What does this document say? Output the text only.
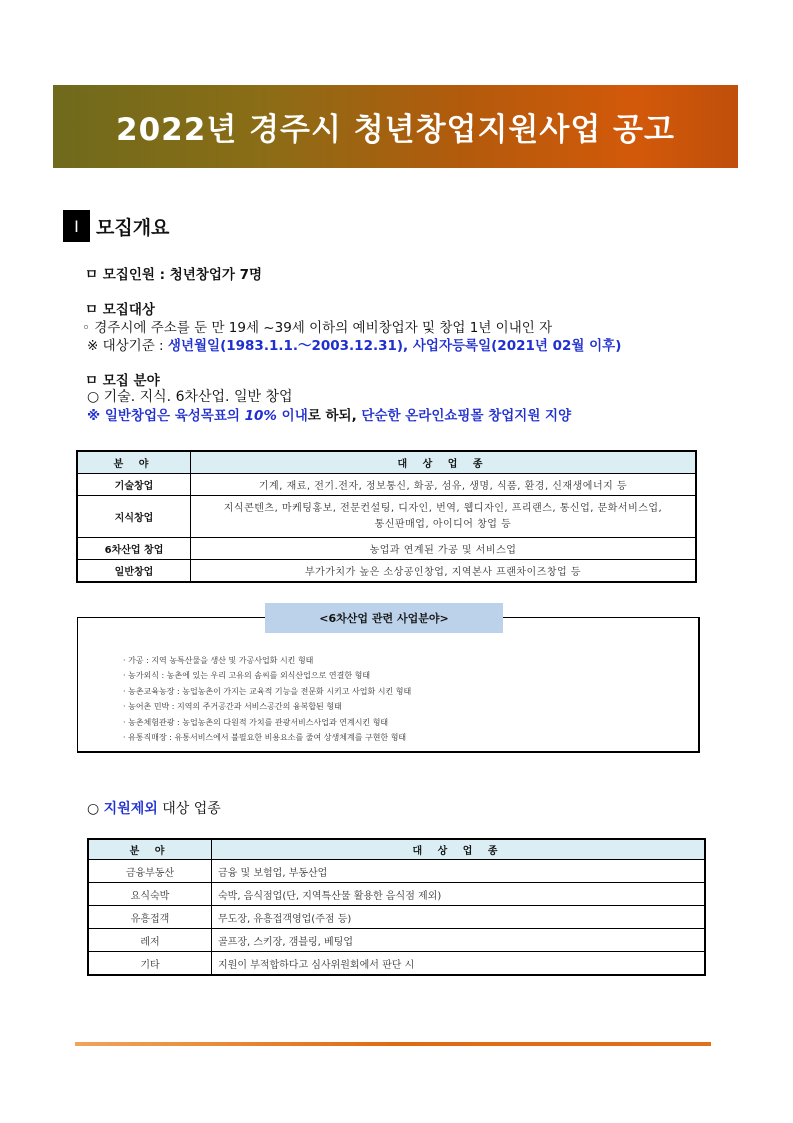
2022년 경주시 청년창업지원사업 공고
Ⅰ 모집개요
ㅁ 모집인원 : 청년창업가 7명
ㅁ 모집대상
◦ 경주시에 주소를 둔 만 19세 ~39세 이하의 예비창업자 및 창업 1년 이내인 자
※ 대상기준 : 생년월일(1983.1.1.～2003.12.31), 사업자등록일(2021년 02월 이후)
ㅁ 모집 분야
○ 기술. 지식. 6차산업. 일반 창업
※ 일반창업은 육성목표의 10% 이내로 하되, 단순한 온라인쇼핑몰 창업지원 지양
분 야	대 상 업 종
기술창업	기계, 재료, 전기.전자, 정보통신, 화공, 섬유, 생명, 식품, 환경, 신재생에너지 등
지식창업	지식콘텐츠, 마케팅홍보, 전문컨설팅, 디자인, 번역, 웹디자인, 프리랜스, 통신업, 문화서비스업,
통신판매업, 아이디어 창업 등

6차산업 창업	농업과 연계된 가공 및 서비스업
일반창업	부가가치가 높은 소상공인창업, 지역본사 프랜차이즈창업 등
<6차산업 관련 사업분야>
· 가공 : 지역 농특산물을 생산 및 가공사업화 시킨 형태
· 농가외식 : 농촌에 있는 우리 고유의 솜씨를 외식산업으로 연결한 형태
· 농촌교육농장 : 농업농촌이 가지는 교육적 기능을 전문화 시키고 사업화 시킨 형태
· 농어촌 민박 : 지역의 주거공간과 서비스공간의 융복합된 형태
· 농촌체험관광 : 농업농촌의 다원적 가치를 관광서비스사업과 연계시킨 형태
· 유통직매장 : 유통서비스에서 불필요한 비용요소를 줄여 상생체계를 구현한 형태
○ 지원제외 대상 업종
분 야	대 상 업 종
금융부동산	금융 및 보험업, 부동산업
요식숙박	숙박, 음식점업(단, 지역특산물 활용한 음식점 제외)
유흥접객	무도장, 유흥접객영업(주점 등)
레저	골프장, 스키장, 갬블링, 베팅업
기타	지원이 부적합하다고 심사위원회에서 판단 시
